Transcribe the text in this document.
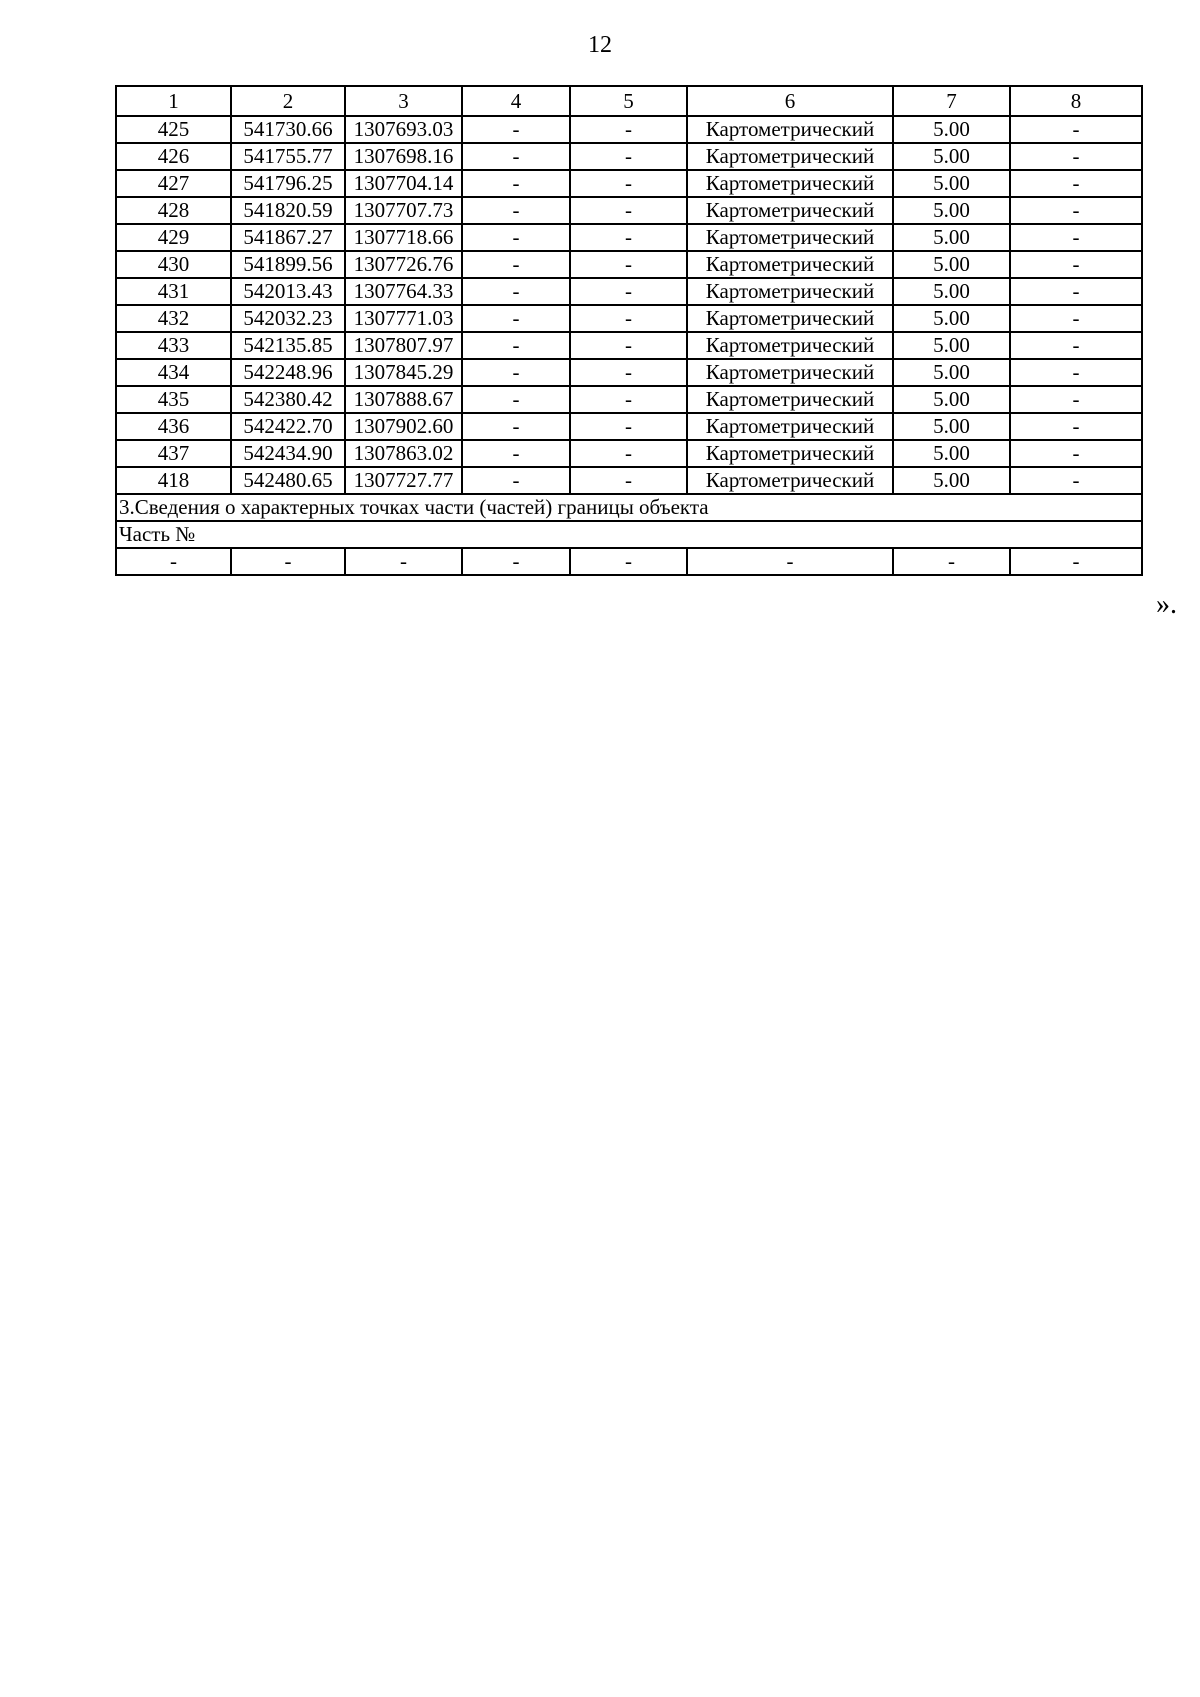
12
1	2	3	4	5	6	7	8
425	541730.66	1307693.03	-	-	Картометрический	5.00	-
426	541755.77	1307698.16	-	-	Картометрический	5.00	-
427	541796.25	1307704.14	-	-	Картометрический	5.00	-
428	541820.59	1307707.73	-	-	Картометрический	5.00	-
429	541867.27	1307718.66	-	-	Картометрический	5.00	-
430	541899.56	1307726.76	-	-	Картометрический	5.00	-
431	542013.43	1307764.33	-	-	Картометрический	5.00	-
432	542032.23	1307771.03	-	-	Картометрический	5.00	-
433	542135.85	1307807.97	-	-	Картометрический	5.00	-
434	542248.96	1307845.29	-	-	Картометрический	5.00	-
435	542380.42	1307888.67	-	-	Картометрический	5.00	-
436	542422.70	1307902.60	-	-	Картометрический	5.00	-
437	542434.90	1307863.02	-	-	Картометрический	5.00	-
418	542480.65	1307727.77	-	-	Картометрический	5.00	-
3.Сведения о характерных точках части (частей) границы объекта							
Часть №							
-	-	-	-	-	-	-	-
».
